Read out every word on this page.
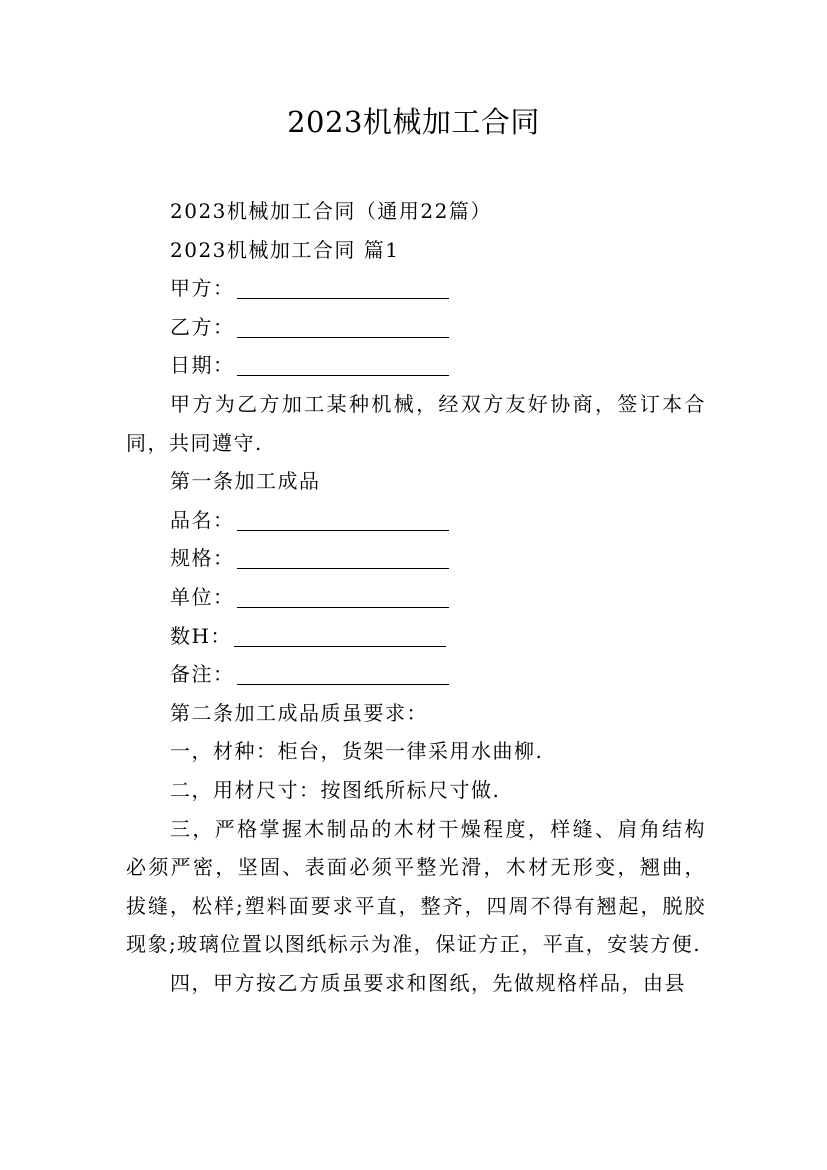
2023机械加工合同

2023机械加工合同（通用22篇）

2023机械加工合同 篇1

甲方：

乙方：

日期：

甲方为乙方加工某种机械，经双方友好协商，签订本合同，共同遵守.

第一条加工成品

品名：

规格：

单位：

数H：

备注：

第二条加工成品质虽要求：

一，材种：柜台，货架一律采用水曲柳.

二，用材尺寸：按图纸所标尺寸做.

三，严格掌握木制品的木材干燥程度，样缝、肩角结构必须严密，坚固、表面必须平整光滑，木材无形变，翘曲，拔缝，松样;塑料面要求平直，整齐，四周不得有翘起，脱胶现象;玻璃位置以图纸标示为准，保证方正，平直，安装方便.

四，甲方按乙方质虽要求和图纸，先做规格样品，由县
